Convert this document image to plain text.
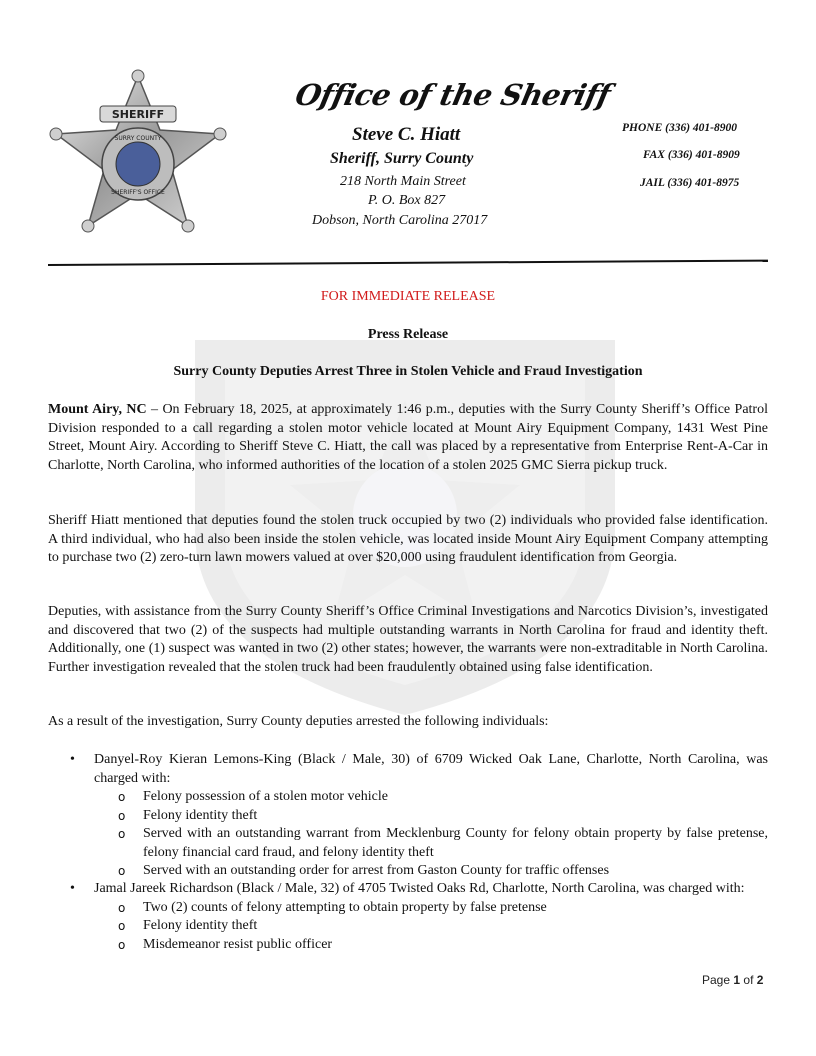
SHERIFF
SURRY COUNTY
SHERIFF'S OFFICE
Office of the Sheriff
Steve C. Hiatt
Sheriff, Surry County
218 North Main Street
P. O. Box 827
Dobson, North Carolina 27017
PHONE (336) 401-8900
FAX (336) 401-8909
JAIL (336) 401-8975
FOR IMMEDIATE RELEASE
Press Release
Surry County Deputies Arrest Three in Stolen Vehicle and Fraud Investigation
Mount Airy, NC – On February 18, 2025, at approximately 1:46 p.m., deputies with the Surry County Sheriff’s Office Patrol Division responded to a call regarding a stolen motor vehicle located at Mount Airy Equipment Company, 1431 West Pine Street, Mount Airy. According to Sheriff Steve C. Hiatt, the call was placed by a representative from Enterprise Rent-A-Car in Charlotte, North Carolina, who informed authorities of the location of a stolen 2025 GMC Sierra pickup truck.
Sheriff Hiatt mentioned that deputies found the stolen truck occupied by two (2) individuals who provided false identification. A third individual, who had also been inside the stolen vehicle, was located inside Mount Airy Equipment Company attempting to purchase two (2) zero-turn lawn mowers valued at over $20,000 using fraudulent identification from Georgia.
Deputies, with assistance from the Surry County Sheriff’s Office Criminal Investigations and Narcotics Division’s, investigated and discovered that two (2) of the suspects had multiple outstanding warrants in North Carolina for fraud and identity theft. Additionally, one (1) suspect was wanted in two (2) other states; however, the warrants were non-extraditable in North Carolina. Further investigation revealed that the stolen truck had been fraudulently obtained using false identification.
As a result of the investigation, Surry County deputies arrested the following individuals:
• Danyel-Roy Kieran Lemons-King (Black / Male, 30) of 6709 Wicked Oak Lane, Charlotte, North Carolina, was charged with:
o Felony possession of a stolen motor vehicle
o Felony identity theft
o Served with an outstanding warrant from Mecklenburg County for felony obtain property by false pretense, felony financial card fraud, and felony identity theft
o Served with an outstanding order for arrest from Gaston County for traffic offenses
• Jamal Jareek Richardson (Black / Male, 32) of 4705 Twisted Oaks Rd, Charlotte, North Carolina, was charged with:
o Two (2) counts of felony attempting to obtain property by false pretense
o Felony identity theft
o Misdemeanor resist public officer
Page 1 of 2
